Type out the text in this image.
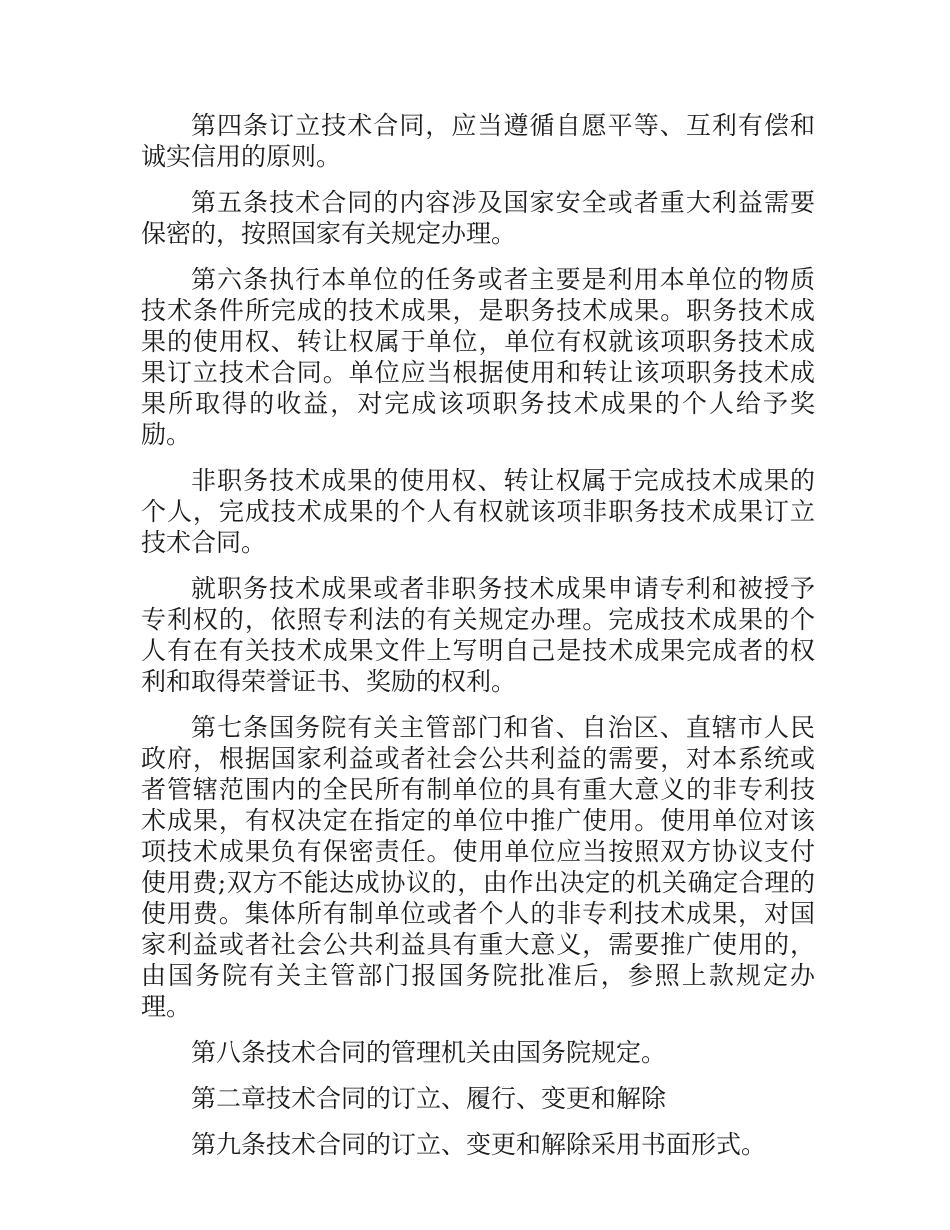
第四条订立技术合同，应当遵循自愿平等、互利有偿和诚实信用的原则。

第五条技术合同的内容涉及国家安全或者重大利益需要保密的，按照国家有关规定办理。

第六条执行本单位的任务或者主要是利用本单位的物质技术条件所完成的技术成果，是职务技术成果。职务技术成果的使用权、转让权属于单位，单位有权就该项职务技术成果订立技术合同。单位应当根据使用和转让该项职务技术成果所取得的收益，对完成该项职务技术成果的个人给予奖励。

非职务技术成果的使用权、转让权属于完成技术成果的个人，完成技术成果的个人有权就该项非职务技术成果订立技术合同。

就职务技术成果或者非职务技术成果申请专利和被授予专利权的，依照专利法的有关规定办理。完成技术成果的个人有在有关技术成果文件上写明自己是技术成果完成者的权利和取得荣誉证书、奖励的权利。

第七条国务院有关主管部门和省、自治区、直辖市人民政府，根据国家利益或者社会公共利益的需要，对本系统或者管辖范围内的全民所有制单位的具有重大意义的非专利技术成果，有权决定在指定的单位中推广使用。使用单位对该项技术成果负有保密责任。使用单位应当按照双方协议支付使用费;双方不能达成协议的，由作出决定的机关确定合理的使用费。集体所有制单位或者个人的非专利技术成果，对国家利益或者社会公共利益具有重大意义，需要推广使用的，由国务院有关主管部门报国务院批准后，参照上款规定办理。

第八条技术合同的管理机关由国务院规定。

第二章技术合同的订立、履行、变更和解除

第九条技术合同的订立、变更和解除采用书面形式。
